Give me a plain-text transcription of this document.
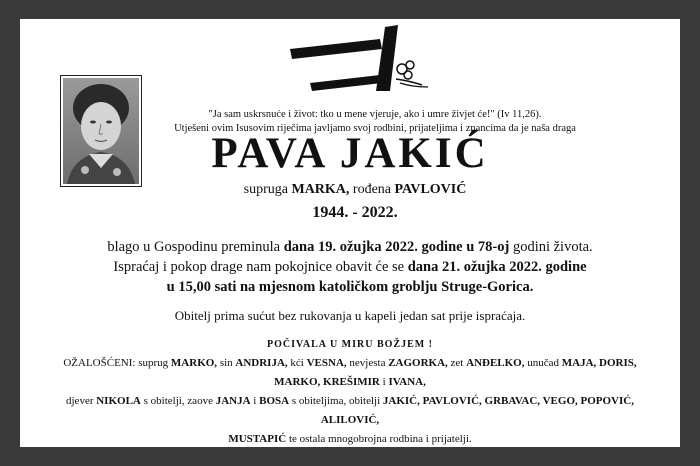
"Ja sam uskrsnuće i život: tko u mene vjeruje, ako i umre živjet će!" (Iv 11,26).
Utješeni ovim Isusovim riječima javljamo svoj rodbini, prijateljima i znancima da je naša draga

PAVA JAKIĆ
supruga MARKA, rođena PAVLOVIĆ
1944. - 2022.
blago u Gospodinu preminula dana 19. ožujka 2022. godine u 78-oj godini života.
Ispraćaj i pokop drage nam pokojnice obavit će se dana 21. ožujka 2022. godine
u 15,00 sati na mjesnom katoličkom groblju Struge-Gorica.
Obitelj prima sućut bez rukovanja u kapeli jedan sat prije ispraćaja.
POČIVALA U MIRU BOŽJEM !
OŽALOŠĆENI: suprug MARKO, sin ANDRIJA, kći VESNA, nevjesta ZAGORKA, zet ANĐELKO, unučad MAJA, DORIS, MARKO, KREŠIMIR i IVANA,
djever NIKOLA s obitelji, zaove JANJA i BOSA s obiteljima, obitelji JAKIĆ, PAVLOVIĆ, GRBAVAC, VEGO, POPOVIĆ, ALILOVIĆ,
MUSTAPIĆ te ostala mnogobrojna rodbina i prijatelji.
